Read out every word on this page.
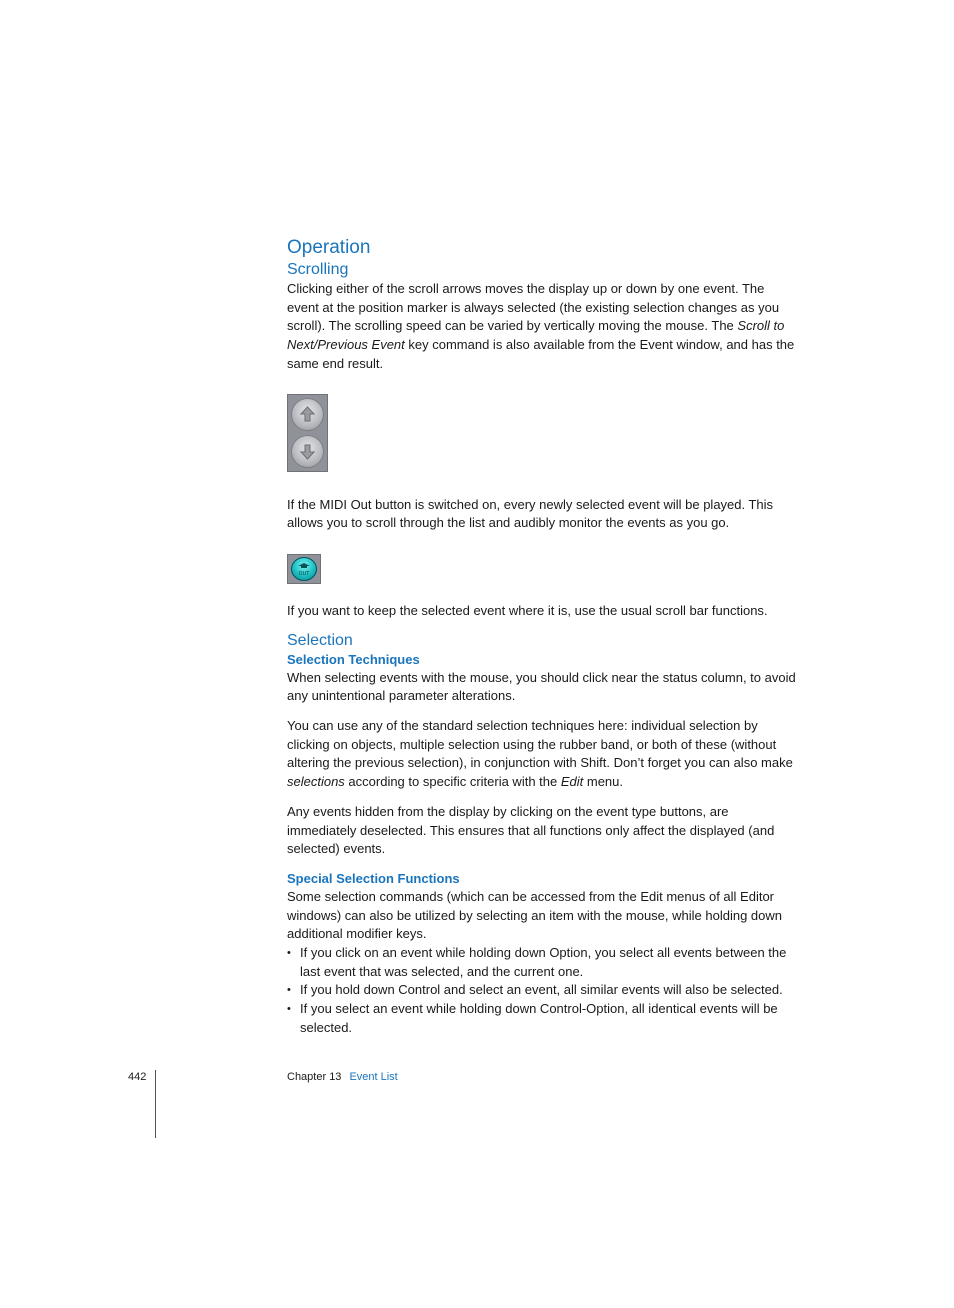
Operation
Scrolling

Clicking either of the scroll arrows moves the display up or down by one event. The event at the position marker is always selected (the existing selection changes as you scroll). The scrolling speed can be varied by vertically moving the mouse. The Scroll to Next/Previous Event key command is also available from the Event window, and has the same end result.

If the MIDI Out button is switched on, every newly selected event will be played. This allows you to scroll through the list and audibly monitor the events as you go.

OUT

If you want to keep the selected event where it is, use the usual scroll bar functions.

Selection
Selection Techniques

When selecting events with the mouse, you should click near the status column, to avoid any unintentional parameter alterations.

You can use any of the standard selection techniques here: individual selection by clicking on objects, multiple selection using the rubber band, or both of these (without altering the previous selection), in conjunction with Shift. Don’t forget you can also make selections according to specific criteria with the Edit menu.

Any events hidden from the display by clicking on the event type buttons, are immediately deselected. This ensures that all functions only affect the displayed (and selected) events.

Special Selection Functions

Some selection commands (which can be accessed from the Edit menus of all Editor windows) can also be utilized by selecting an item with the mouse, while holding down additional modifier keys.

• If you click on an event while holding down Option, you select all events between the last event that was selected, and the current one.
• If you hold down Control and select an event, all similar events will also be selected.
• If you select an event while holding down Control-Option, all identical events will be selected.
442	Chapter 13 Event List
